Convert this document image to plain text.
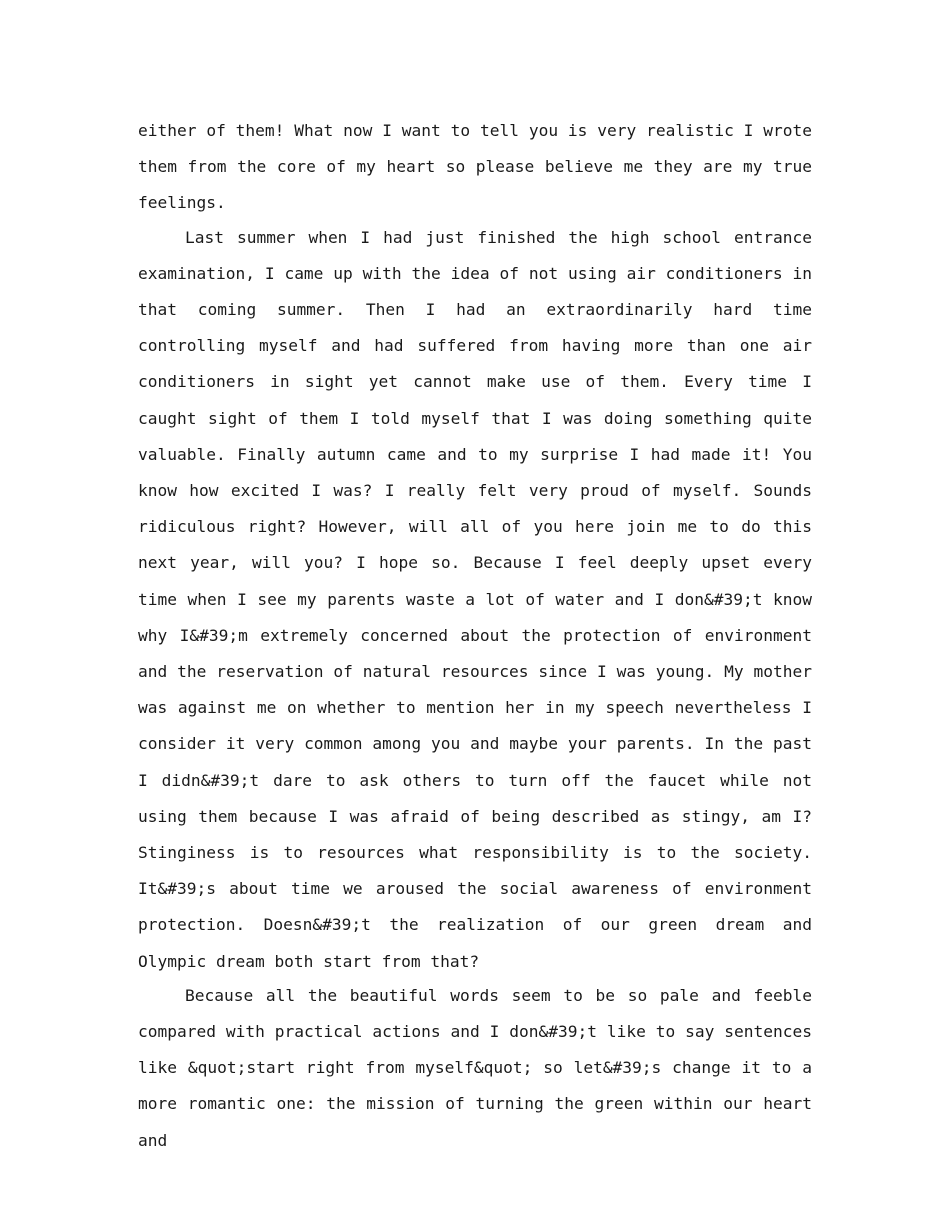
either of them! What now I want to tell you is very realistic I wrote them from the core of my heart so please believe me they are my true feelings.

Last summer when I had just finished the high school entrance examination, I came up with the idea of not using air conditioners in that coming summer. Then I had an extraordinarily hard time controlling myself and had suffered from having more than one air conditioners in sight yet cannot make use of them. Every time I caught sight of them I told myself that I was doing something quite valuable. Finally autumn came and to my surprise I had made it! You know how excited I was? I really felt very proud of myself. Sounds ridiculous right? However, will all of you here join me to do this next year, will you? I hope so. Because I feel deeply upset every time when I see my parents waste a lot of water and I don&#39;t know why I&#39;m extremely concerned about the protection of environment and the reservation of natural resources since I was young. My mother was against me on whether to mention her in my speech nevertheless I consider it very common among you and maybe your parents. In the past I didn&#39;t dare to ask others to turn off the faucet while not using them because I was afraid of being described as stingy, am I? Stinginess is to resources what responsibility is to the society. It&#39;s about time we aroused the social awareness of environment protection. Doesn&#39;t the realization of our green dream and Olympic dream both start from that?

Because all the beautiful words seem to be so pale and feeble compared with practical actions and I don&#39;t like to say sentences like &quot;start right from myself&quot; so let&#39;s change it to a more romantic one: the mission of turning the green within our heart and
